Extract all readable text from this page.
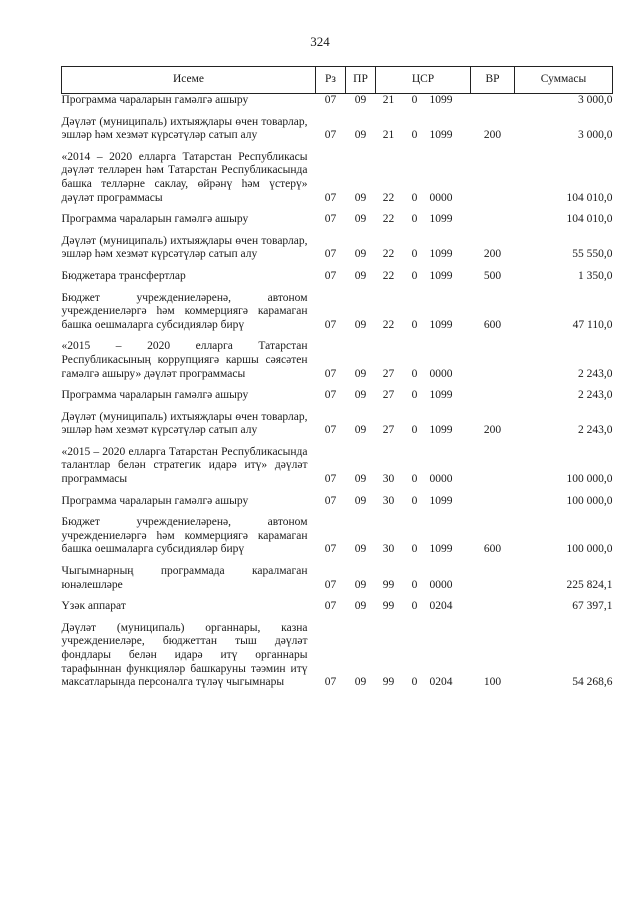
324
Исеме	Рз	ПР	ЦСР			ВР	Суммасы
Программа чараларын гамәлгә ашыру	07	09	21	0	1099		3 000,0
Дәүләт (муниципаль) ихтыяҗлары өчен товарлар, эшләр һәм хезмәт күрсәтүләр сатып алу	07	09	21	0	1099	200	3 000,0
«2014 – 2020 елларга Татарстан Республикасы дәүләт телләрен һәм Татарстан Республикасында башка телләрне саклау, өйрәнү һәм үстерү» дәүләт программасы	07	09	22	0	0000		104 010,0
Программа чараларын гамәлгә ашыру	07	09	22	0	1099		104 010,0
Дәүләт (муниципаль) ихтыяҗлары өчен товарлар, эшләр һәм хезмәт күрсәтүләр сатып алу	07	09	22	0	1099	200	55 550,0
Бюджетара трансфертлар	07	09	22	0	1099	500	1 350,0
Бюджет учреждениеләренә, автоном учреждениеләргә һәм коммерциягә карамаган башка оешмаларга субсидияләр бирү	07	09	22	0	1099	600	47 110,0
«2015 – 2020 елларга Татарстан Республикасының коррупциягә каршы сәясәтен гамәлгә ашыру» дәүләт программасы	07	09	27	0	0000		2 243,0
Программа чараларын гамәлгә ашыру	07	09	27	0	1099		2 243,0
Дәүләт (муниципаль) ихтыяҗлары өчен товарлар, эшләр һәм хезмәт күрсәтүләр сатып алу	07	09	27	0	1099	200	2 243,0
«2015 – 2020 елларга Татарстан Республикасында талантлар белән стратегик идарә итү» дәүләт программасы	07	09	30	0	0000		100 000,0
Программа чараларын гамәлгә ашыру	07	09	30	0	1099		100 000,0
Бюджет учреждениеләренә, автоном учреждениеләргә һәм коммерциягә карамаган башка оешмаларга субсидияләр бирү	07	09	30	0	1099	600	100 000,0
Чыгымнарның программада каралмаган юнәлешләре	07	09	99	0	0000		225 824,1
Үзәк аппарат	07	09	99	0	0204		67 397,1
Дәүләт (муниципаль) органнары, казна учреждениеләре, бюджеттан тыш дәүләт фондлары белән идарә итү органнары тарафыннан функцияләр башкаруны тәэмин итү максатларында персоналга түләү чыгымнары	07	09	99	0	0204	100	54 268,6
